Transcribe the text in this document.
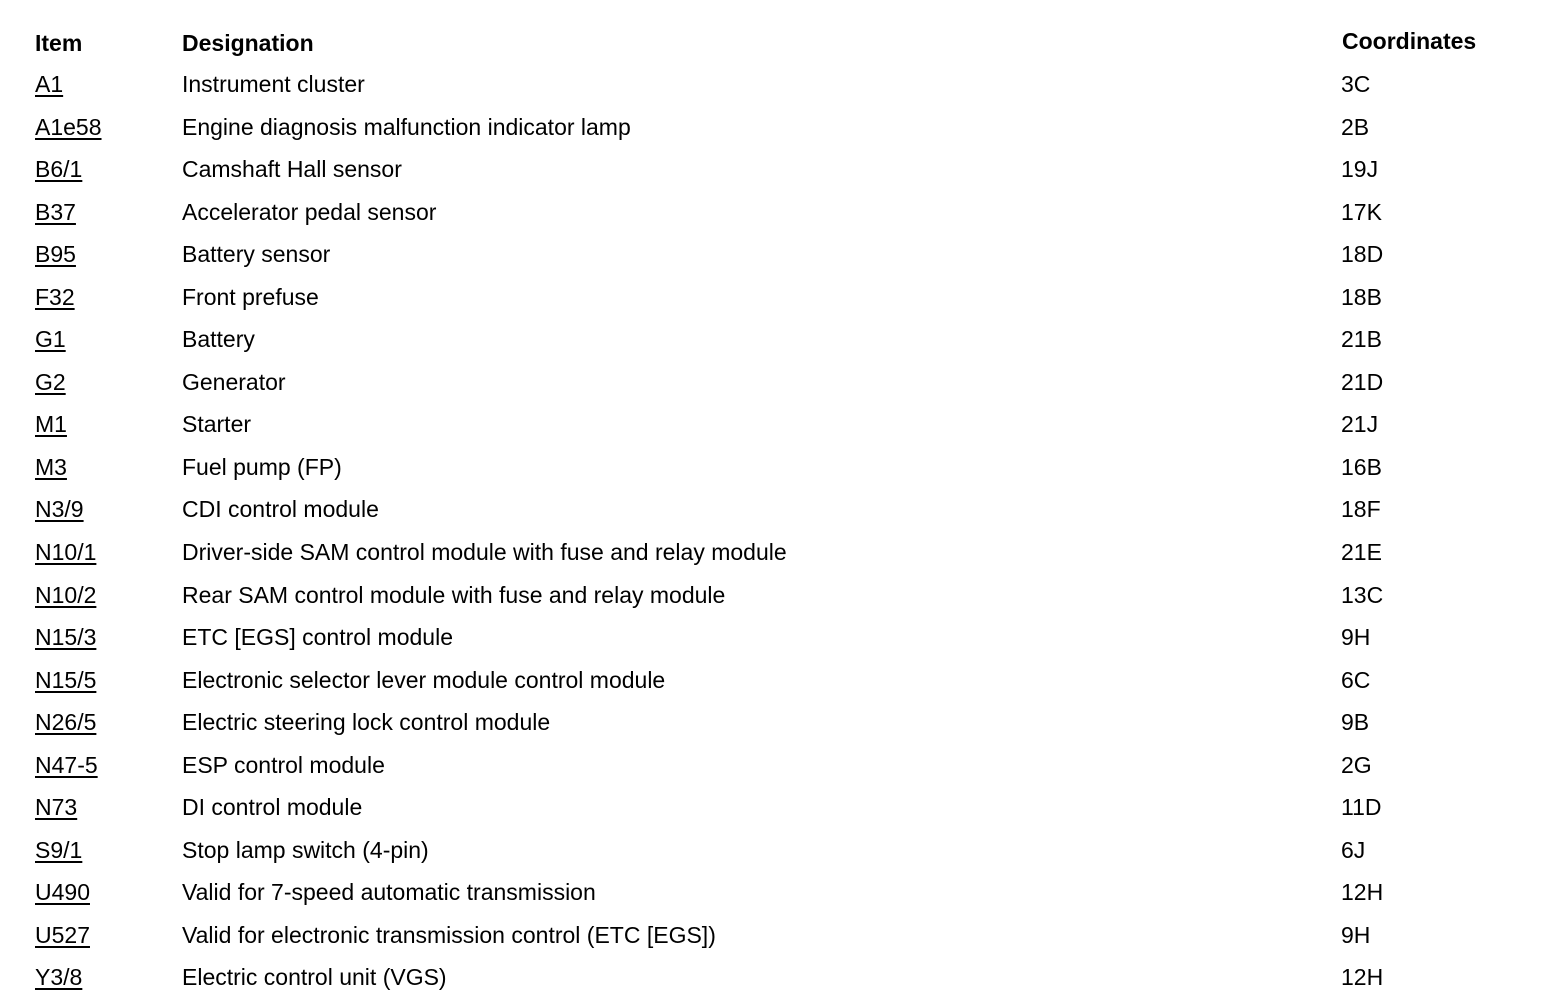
Item	Designation	Coordinates
A1	Instrument cluster	3C
A1e58	Engine diagnosis malfunction indicator lamp	2B
B6/1	Camshaft Hall sensor	19J
B37	Accelerator pedal sensor	17K
B95	Battery sensor	18D
F32	Front prefuse	18B
G1	Battery	21B
G2	Generator	21D
M1	Starter	21J
M3	Fuel pump (FP)	16B
N3/9	CDI control module	18F
N10/1	Driver-side SAM control module with fuse and relay module	21E
N10/2	Rear SAM control module with fuse and relay module	13C
N15/3	ETC [EGS] control module	9H
N15/5	Electronic selector lever module control module	6C
N26/5	Electric steering lock control module	9B
N47-5	ESP control module	2G
N73	DI control module	11D
S9/1	Stop lamp switch (4-pin)	6J
U490	Valid for 7-speed automatic transmission	12H
U527	Valid for electronic transmission control (ETC [EGS])	9H
Y3/8	Electric control unit (VGS)	12H
